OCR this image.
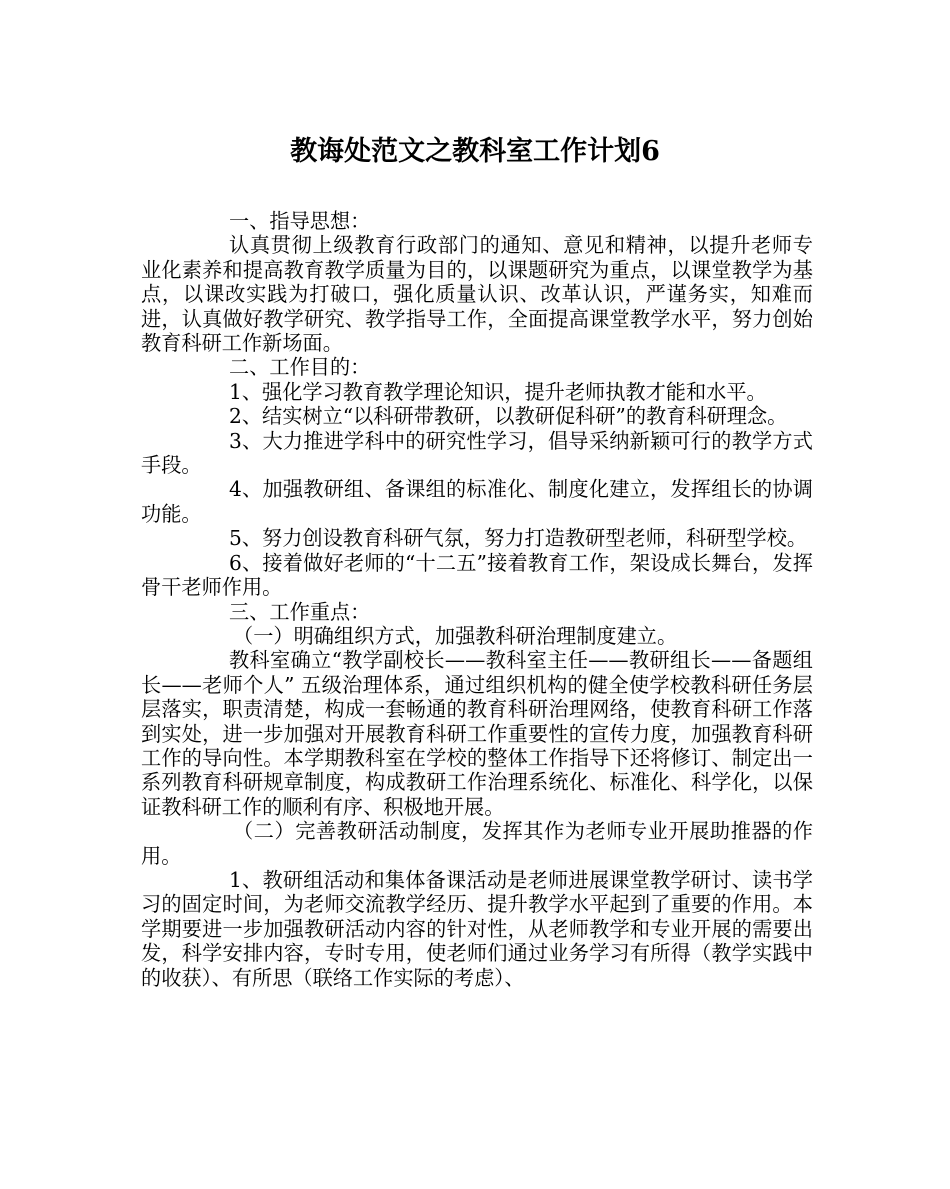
教诲处范文之教科室工作计划6

一、指导思想：

认真贯彻上级教育行政部门的通知、意见和精神，以提升老师专业化素养和提高教育教学质量为目的，以课题研究为重点，以课堂教学为基点，以课改实践为打破口，强化质量认识、改革认识，严谨务实，知难而进，认真做好教学研究、教学指导工作，全面提高课堂教学水平，努力创始教育科研工作新场面。

二、工作目的：

1、强化学习教育教学理论知识，提升老师执教才能和水平。

2、结实树立“以科研带教研，以教研促科研”的教育科研理念。

3、大力推进学科中的研究性学习，倡导采纳新颖可行的教学方式手段。

4、加强教研组、备课组的标准化、制度化建立，发挥组长的协调功能。

5、努力创设教育科研气氛，努力打造教研型老师，科研型学校。

6、接着做好老师的“十二五”接着教育工作，架设成长舞台，发挥骨干老师作用。

三、工作重点：

（一）明确组织方式，加强教科研治理制度建立。

教科室确立“教学副校长——教科室主任——教研组长——备题组长——老师个人” 五级治理体系，通过组织机构的健全使学校教科研任务层层落实，职责清楚，构成一套畅通的教育科研治理网络，使教育科研工作落到实处，进一步加强对开展教育科研工作重要性的宣传力度，加强教育科研工作的导向性。本学期教科室在学校的整体工作指导下还将修订、制定出一系列教育科研规章制度，构成教研工作治理系统化、标准化、科学化，以保证教科研工作的顺利有序、积极地开展。

（二）完善教研活动制度，发挥其作为老师专业开展助推器的作用。

1、教研组活动和集体备课活动是老师进展课堂教学研讨、读书学习的固定时间，为老师交流教学经历、提升教学水平起到了重要的作用。本学期要进一步加强教研活动内容的针对性，从老师教学和专业开展的需要出发，科学安排内容，专时专用，使老师们通过业务学习有所得（教学实践中的收获）、有所思（联络工作实际的考虑）、
